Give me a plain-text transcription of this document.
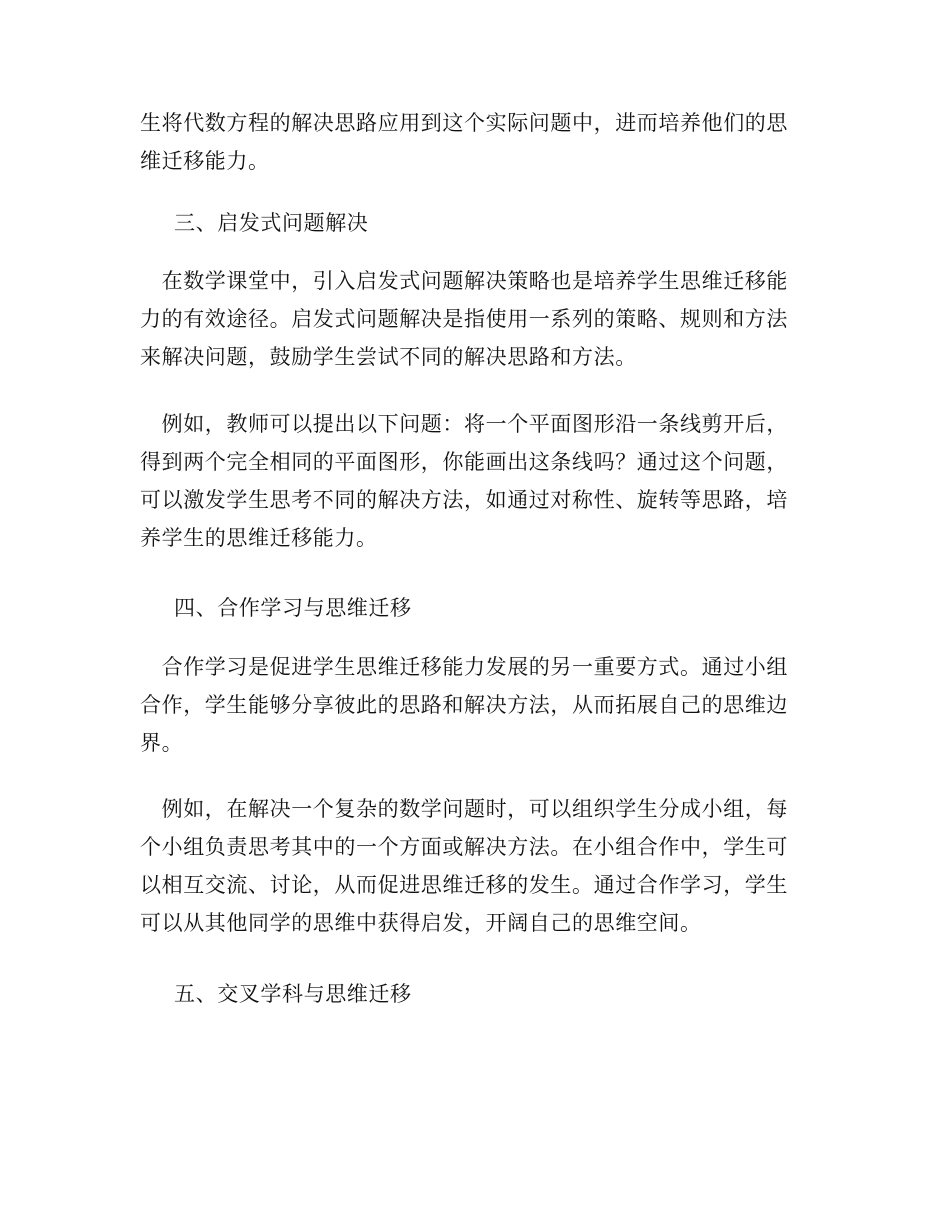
生将代数方程的解决思路应用到这个实际问题中，进而培养他们的思
维迁移能力。

三、启发式问题解决

　在数学课堂中，引入启发式问题解决策略也是培养学生思维迁移能
力的有效途径。启发式问题解决是指使用一系列的策略、规则和方法
来解决问题，鼓励学生尝试不同的解决思路和方法。

　例如，教师可以提出以下问题：将一个平面图形沿一条线剪开后，
得到两个完全相同的平面图形，你能画出这条线吗？通过这个问题，
可以激发学生思考不同的解决方法，如通过对称性、旋转等思路，培
养学生的思维迁移能力。

四、合作学习与思维迁移

　合作学习是促进学生思维迁移能力发展的另一重要方式。通过小组
合作，学生能够分享彼此的思路和解决方法，从而拓展自己的思维边
界。

　例如，在解决一个复杂的数学问题时，可以组织学生分成小组，每
个小组负责思考其中的一个方面或解决方法。在小组合作中，学生可
以相互交流、讨论，从而促进思维迁移的发生。通过合作学习，学生
可以从其他同学的思维中获得启发，开阔自己的思维空间。

五、交叉学科与思维迁移
